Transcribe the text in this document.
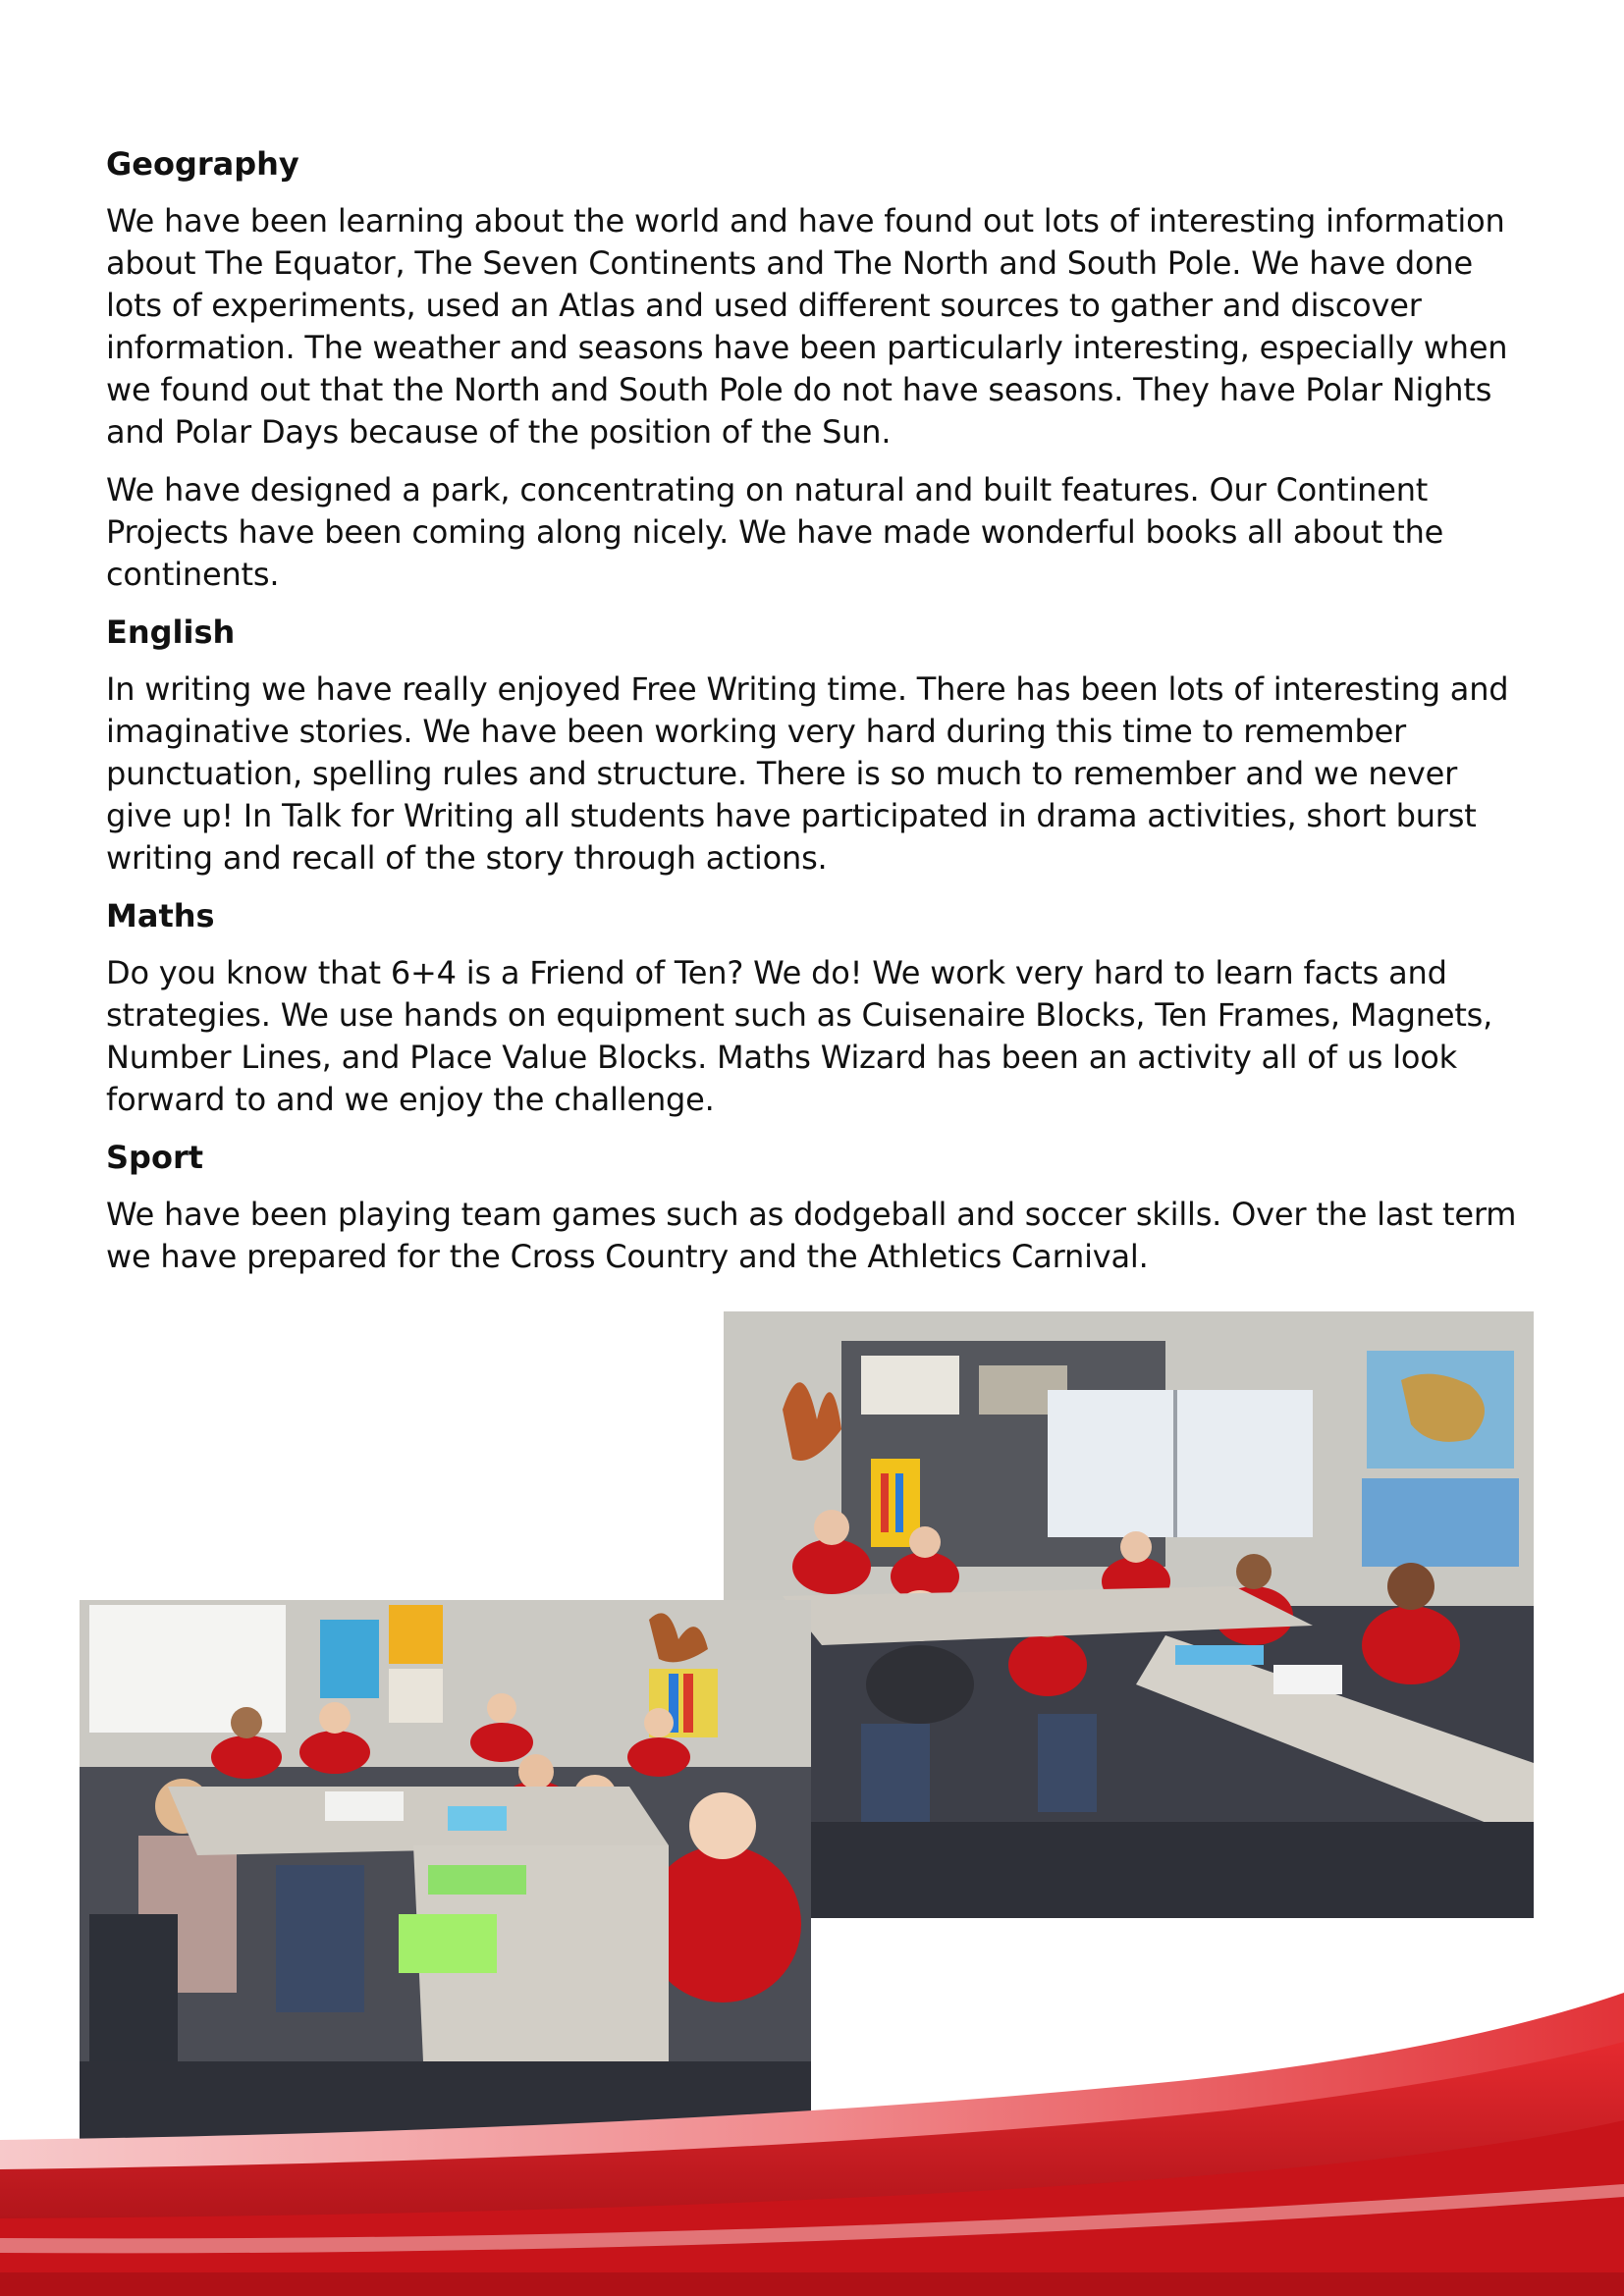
Geography

We have been learning about the world and have found out lots of interesting information about The Equator, The Seven Continents and The North and South Pole. We have done lots of experiments, used an Atlas and used different sources to gather and discover information. The weather and seasons have been particularly interesting, especially when we found out that the North and South Pole do not have seasons. They have Polar Nights and Polar Days because of the position of the Sun.

We have designed a park, concentrating on natural and built features. Our Continent Projects have been coming along nicely. We have made wonderful books all about the continents.

English

In writing we have really enjoyed Free Writing time. There has been lots of interesting and imaginative stories. We have been working very hard during this time to remember punctuation, spelling rules and structure. There is so much to remember and we never give up! In Talk for Writing all students have participated in drama activities, short burst writing and recall of the story through actions.

Maths

Do you know that 6+4 is a Friend of Ten? We do! We work very hard to learn facts and strategies. We use hands on equipment such as Cuisenaire Blocks, Ten Frames, Magnets, Number Lines, and Place Value Blocks. Maths Wizard has been an activity all of us look forward to and we enjoy the challenge.

Sport

We have been playing team games such as dodgeball and soccer skills. Over the last term we have prepared for the Cross Country and the Athletics Carnival.
